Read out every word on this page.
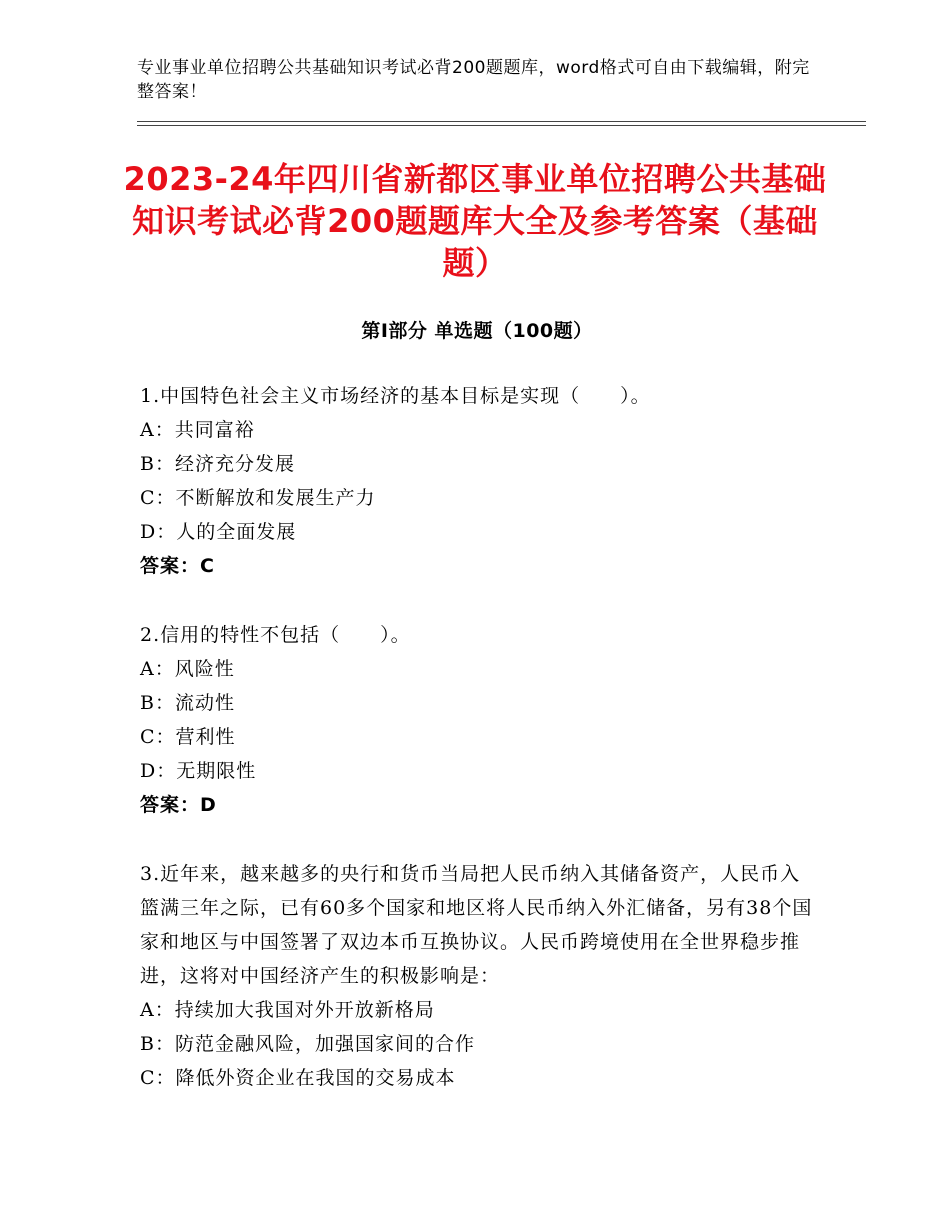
专业事业单位招聘公共基础知识考试必背200题题库，word格式可自由下载编辑，附完整答案！
2023-24年四川省新都区事业单位招聘公共基础知识考试必背200题题库大全及参考答案（基础题）
第Ⅰ部分 单选题（100题）
1.中国特色社会主义市场经济的基本目标是实现（　　）。
A：共同富裕
B：经济充分发展
C：不断解放和发展生产力
D：人的全面发展
答案：C
2.信用的特性不包括（　　）。
A：风险性
B：流动性
C：营利性
D：无期限性
答案：D
3.近年来，越来越多的央行和货币当局把人民币纳入其储备资产，人民币入篮满三年之际，已有60多个国家和地区将人民币纳入外汇储备，另有38个国家和地区与中国签署了双边本币互换协议。人民币跨境使用在全世界稳步推进，这将对中国经济产生的积极影响是：
A：持续加大我国对外开放新格局
B：防范金融风险，加强国家间的合作
C：降低外资企业在我国的交易成本
